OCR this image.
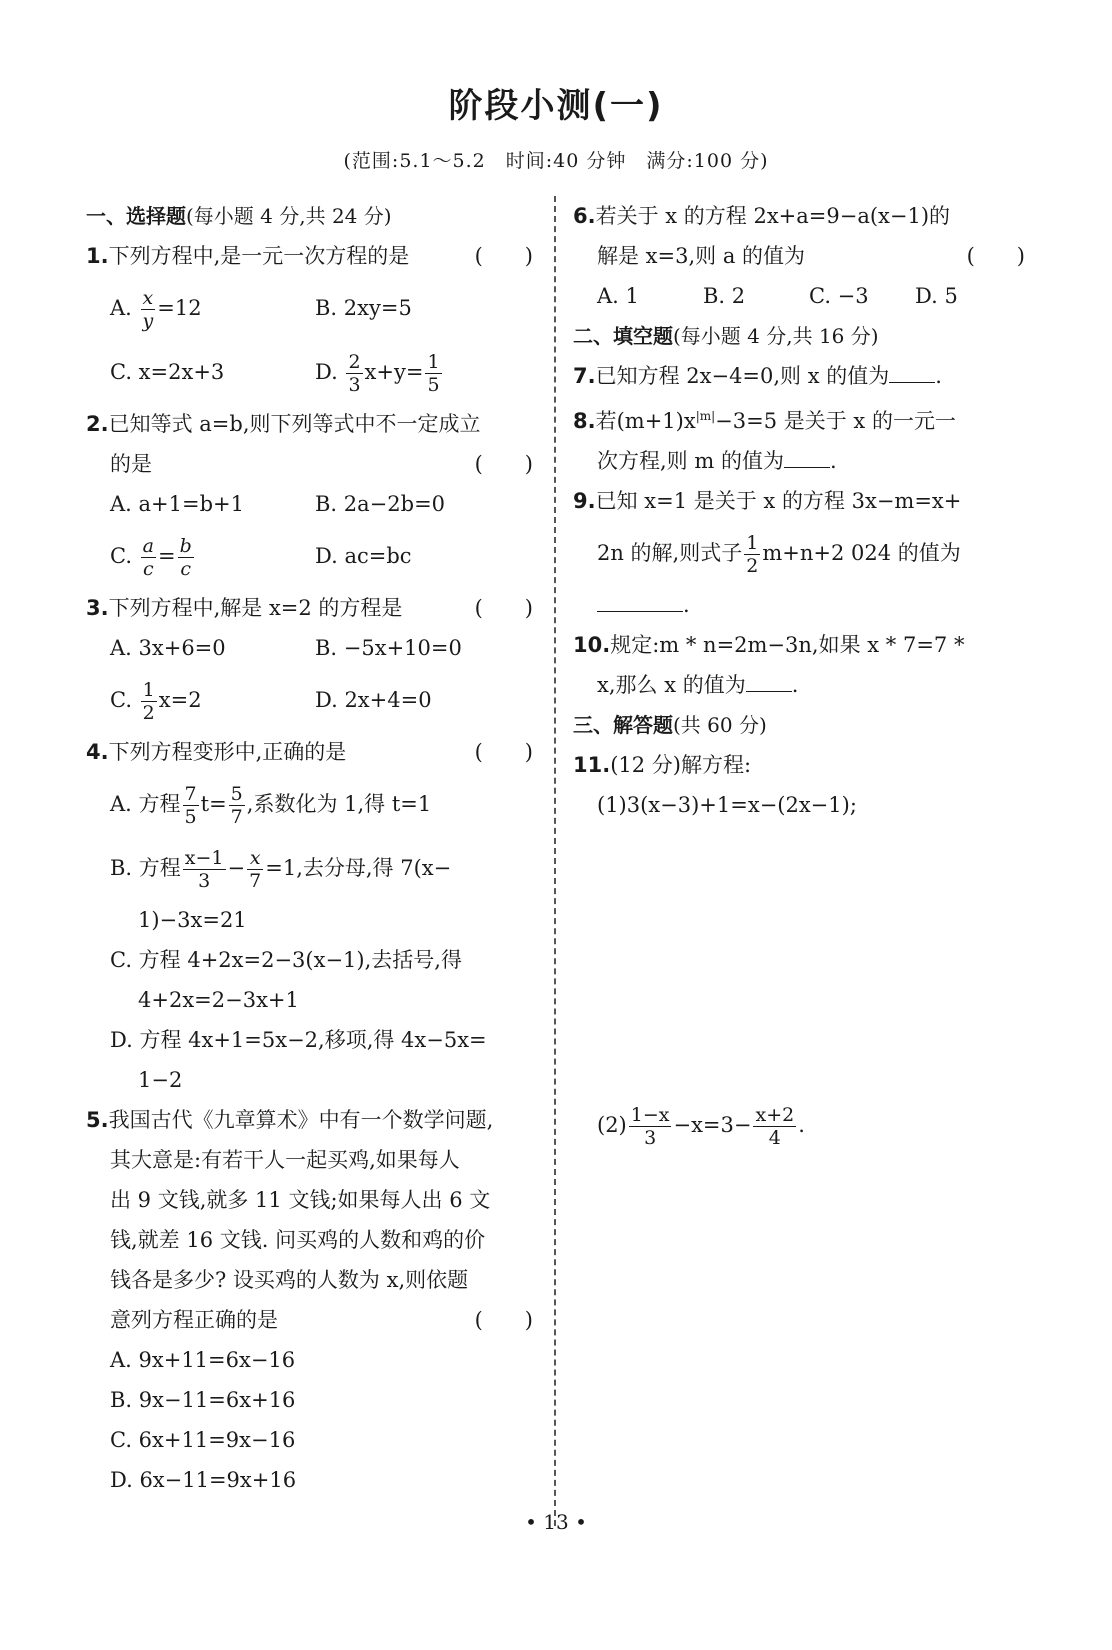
阶段小测(一)
(范围:5.1～5.2　时间:40 分钟　满分:100 分)
一、选择题(每小题 4 分,共 24 分)
1.下列方程中,是一元一次方程的是	(　　)
A. $\frac{x}{y} =12$	B. 2xy=5
C. x=2x+3	D. $\frac{2}{3} x+y= \frac{1}{5}$
2.已知等式 a=b,则下列等式中不一定成立
的是	(　　)
A. a+1=b+1	B. 2a−2b=0
C. $\frac{a}{c} = \frac{b}{c}$	D. ac=bc
3.下列方程中,解是 x=2 的方程是	(　　)
A. 3x+6=0	B. −5x+10=0
C. $\frac{1}{2} x=2$	D. 2x+4=0
4.下列方程变形中,正确的是	(　　)
A. 方程 $\frac{7}{5} t= \frac{5}{7}$ ,系数化为 1,得 t=1
B. 方程 $\frac{x-1}{3} - \frac{x}{7} =1$,去分母,得 7(x−
1)−3x=21
C. 方程 4+2x=2−3(x−1),去括号,得
4+2x=2−3x+1
D. 方程 4x+1=5x−2,移项,得 4x−5x=
1−2
5.我国古代《九章算术》中有一个数学问题,
其大意是:有若干人一起买鸡,如果每人
出 9 文钱,就多 11 文钱;如果每人出 6 文
钱,就差 16 文钱. 问买鸡的人数和鸡的价
钱各是多少? 设买鸡的人数为 x,则依题
意列方程正确的是	(　　)
A. 9x+11=6x−16
B. 9x−11=6x+16
C. 6x+11=9x−16
D. 6x−11=9x+16
6.若关于 x 的方程 2x+a=9−a(x−1)的
解是 x=3,则 a 的值为	(　　)
A. 1	B. 2	C. −3	D. 5
二、填空题(每小题 4 分,共 16 分)
7.已知方程 2x−4=0,则 x 的值为 .
8.若$(m+1)x^{|m|}-3=5$ 是关于 x 的一元一
次方程,则 m 的值为 .
9.已知 x=1 是关于 x 的方程 3x−m=x+
2n 的解,则式子 $\frac{1}{2} m+n+2$ 024 的值为
.
10.规定:m * n=2m−3n,如果 x * 7=7 *
x,那么 x 的值为 .
三、解答题(共 60 分)
11.(12 分)解方程:
(1)3(x−3)+1=x−(2x−1);
$(2) \frac{1-x}{3} -x=3- \frac{x+2}{4}$ .
• 13 •
